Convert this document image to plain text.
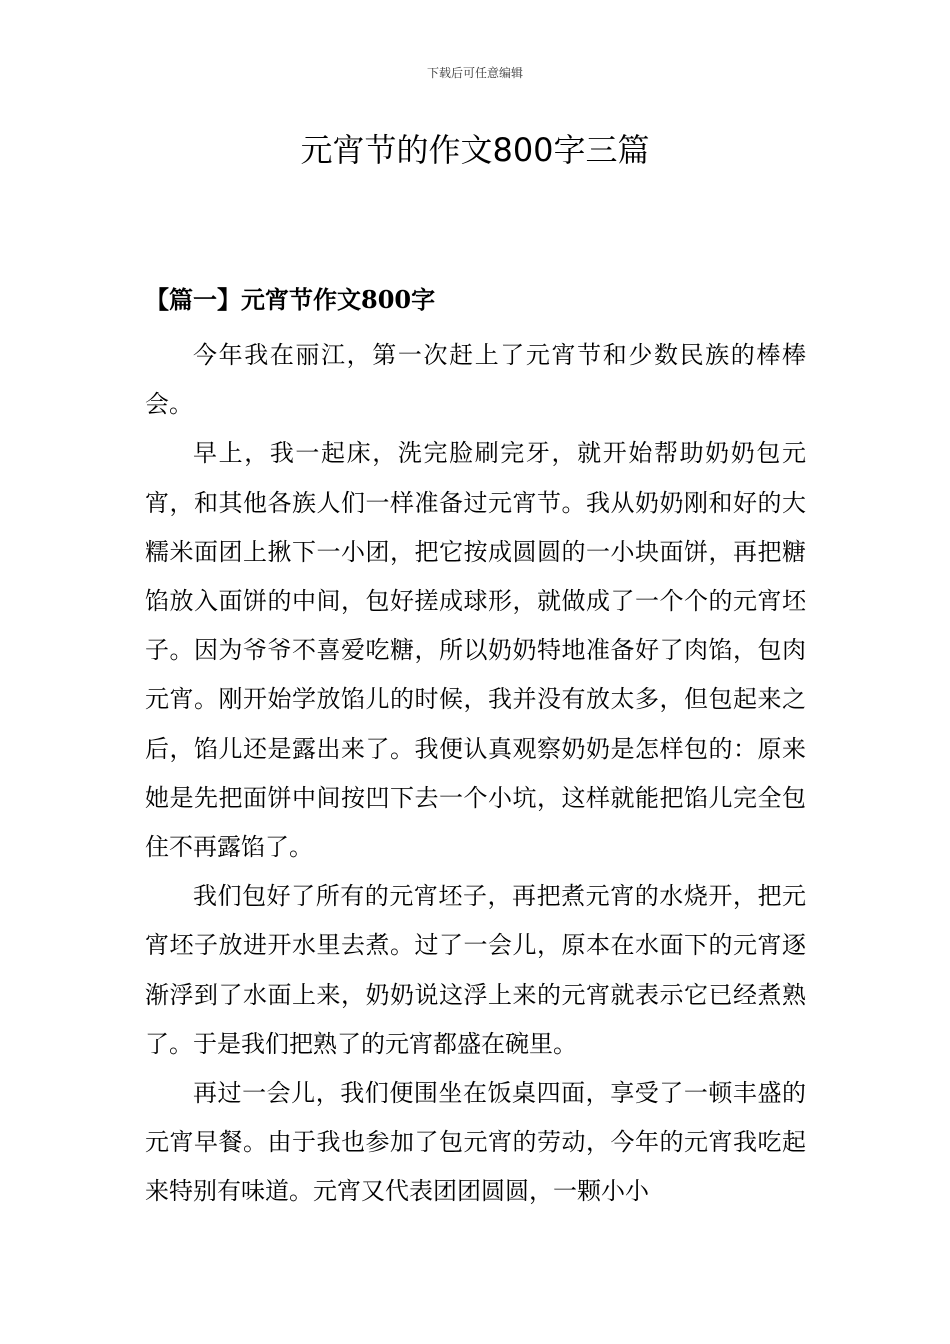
下载后可任意编辑
元宵节的作文800字三篇
【篇一】元宵节作文800字

今年我在丽江，第一次赶上了元宵节和少数民族的棒棒会。

早上，我一起床，洗完脸刷完牙，就开始帮助奶奶包元宵，和其他各族人们一样准备过元宵节。我从奶奶刚和好的大糯米面团上揪下一小团，把它按成圆圆的一小块面饼，再把糖馅放入面饼的中间，包好搓成球形，就做成了一个个的元宵坯子。因为爷爷不喜爱吃糖，所以奶奶特地准备好了肉馅，包肉元宵。刚开始学放馅儿的时候，我并没有放太多，但包起来之后，馅儿还是露出来了。我便认真观察奶奶是怎样包的：原来她是先把面饼中间按凹下去一个小坑，这样就能把馅儿完全包住不再露馅了。

我们包好了所有的元宵坯子，再把煮元宵的水烧开，把元宵坯子放进开水里去煮。过了一会儿，原本在水面下的元宵逐渐浮到了水面上来，奶奶说这浮上来的元宵就表示它已经煮熟了。于是我们把熟了的元宵都盛在碗里。

再过一会儿，我们便围坐在饭桌四面，享受了一顿丰盛的元宵早餐。由于我也参加了包元宵的劳动，今年的元宵我吃起来特别有味道。元宵又代表团团圆圆，一颗小小
